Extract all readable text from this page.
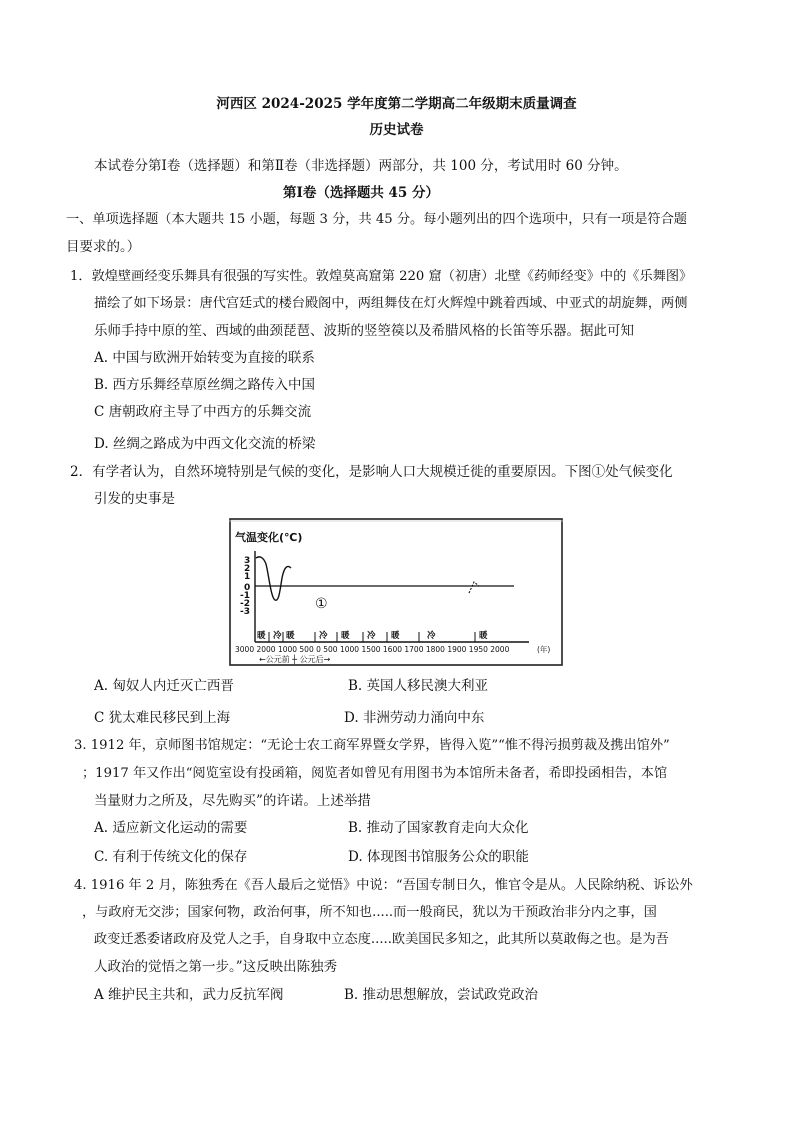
河西区 2024-2025 学年度第二学期高二年级期末质量调查
历史试卷
本试卷分第Ⅰ卷（选择题）和第Ⅱ卷（非选择题）两部分，共 100 分，考试用时 60 分钟。
第Ⅰ卷（选择题共 45 分）
一、单项选择题（本大题共 15 小题，每题 3 分，共 45 分。每小题列出的四个选项中，只有一项是符合题
目要求的。）
1．敦煌壁画经变乐舞具有很强的写实性。敦煌莫高窟第 220 窟（初唐）北壁《药师经变》中的《乐舞图》
描绘了如下场景：唐代宫廷式的楼台殿阁中，两组舞伎在灯火辉煌中跳着西域、中亚式的胡旋舞，两侧
乐师手持中原的笙、西域的曲颈琵琶、波斯的竖箜篌以及希腊风格的长笛等乐器。据此可知
A. 中国与欧洲开始转变为直接的联系
B. 西方乐舞经草原丝绸之路传入中国
C 唐朝政府主导了中西方的乐舞交流
D. 丝绸之路成为中西文化交流的桥梁
2．有学者认为，自然环境特别是气候的变化，是影响人口大规模迁徙的重要原因。下图①处气候变化
引发的史事是
气温变化(℃)
3
2
1
0
-1
-2
-3	①
暖 冷 暖	冷 暖 冷 暖	冷	暖
3000 2000 1000 500 0 500 1000 1500 1600 1700 1800 1900 1950 2000	(年)
←公元前 ┼ 公元后→
A. 匈奴人内迁灭亡西晋	B. 英国人移民澳大利亚
C 犹太难民移民到上海	D. 非洲劳动力涌向中东
3. 1912 年，京师图书馆规定：“无论士农工商军界暨女学界，皆得入览”“惟不得污损剪裁及携出馆外”
；1917 年又作出“阅览室设有投函箱，阅览者如曾见有用图书为本馆所未备者，希即投函相告，本馆
当量财力之所及，尽先购买”的许诺。上述举措
A. 适应新文化运动的需要	B. 推动了国家教育走向大众化
C. 有利于传统文化的保存	D. 体现图书馆服务公众的职能
4. 1916 年 2 月，陈独秀在《吾人最后之觉悟》中说：“吾国专制日久，惟官令是从。人民除纳税、诉讼外
，与政府无交涉；国家何物，政治何事，所不知也.....而一般商民，犹以为干预政治非分内之事，国
政变迁悉委诸政府及党人之手，自身取中立态度.....欧美国民多知之，此其所以莫敢侮之也。是为吾
人政治的觉悟之第一步。”这反映出陈独秀
A 维护民主共和，武力反抗军阀	B. 推动思想解放，尝试政党政治
